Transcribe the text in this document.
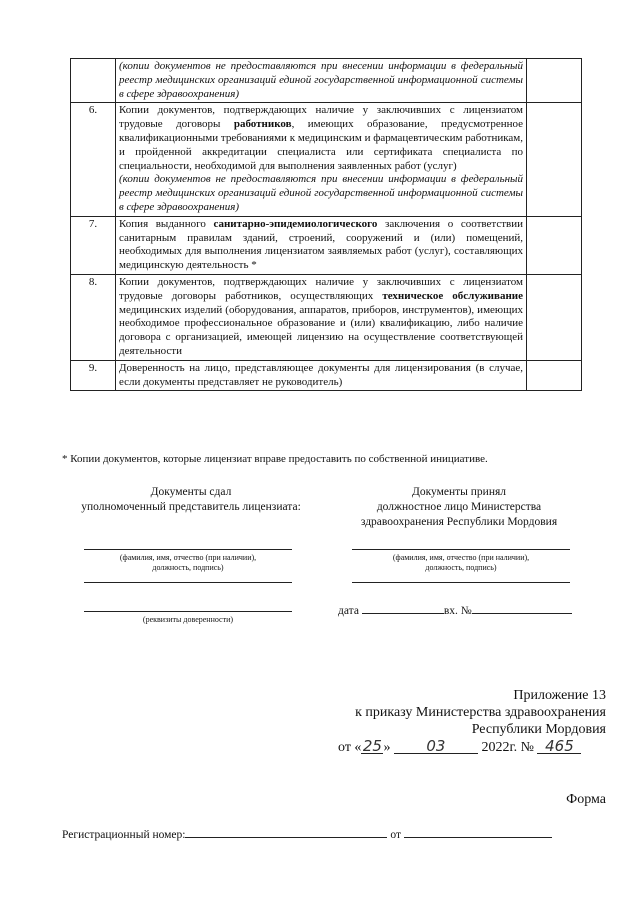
	(копии документов не предоставляются при внесении информации в федеральный реестр медицинских организаций единой государственной информационной системы в сфере здравоохранения)	

6.	Копии документов, подтверждающих наличие у заключивших с лицензиатом трудовые договоры работников, имеющих образование, предусмотренное квалификационными требованиями к медицинским и фармацевтическим работникам, и пройденной аккредитации специалиста или сертификата специалиста по специальности, необходимой для выполнения заявленных работ (услуг)
(копии документов не предоставляются при внесении информации в федеральный реестр медицинских организаций единой государственной информационной системы в сфере здравоохранения)	

7.	Копия выданного санитарно-эпидемиологического заключения о соответствии санитарным правилам зданий, строений, сооружений и (или) помещений, необходимых для выполнения лицензиатом заявляемых работ (услуг), составляющих медицинскую деятельность *	
8.	Копии документов, подтверждающих наличие у заключивших с лицензиатом трудовые договоры работников, осуществляющих техническое обслуживание медицинских изделий (оборудования, аппаратов, приборов, инструментов), имеющих необходимое профессиональное образование и (или) квалификацию, либо наличие договора с организацией, имеющей лицензию на осуществление соответствующей деятельности	
9.	Доверенность на лицо, представляющее документы для лицензирования (в случае, если документы представляет не руководитель)	
* Копии документов, которые лицензиат вправе предоставить по собственной инициативе.
Документы сдал
уполномоченный представитель лицензиата:
Документы принял
должностное лицо Министерства
здравоохранения Республики Мордовия
(фамилия, имя, отчество (при наличии),
должность, подпись)
(фамилия, имя, отчество (при наличии),
должность, подпись)
(реквизиты доверенности)
дата	вх. №
Приложение 13
к приказу Министерства здравоохранения
Республики Мордовия
от «25» 03	2022г. № 465
Форма
Регистрационный номер:	от
